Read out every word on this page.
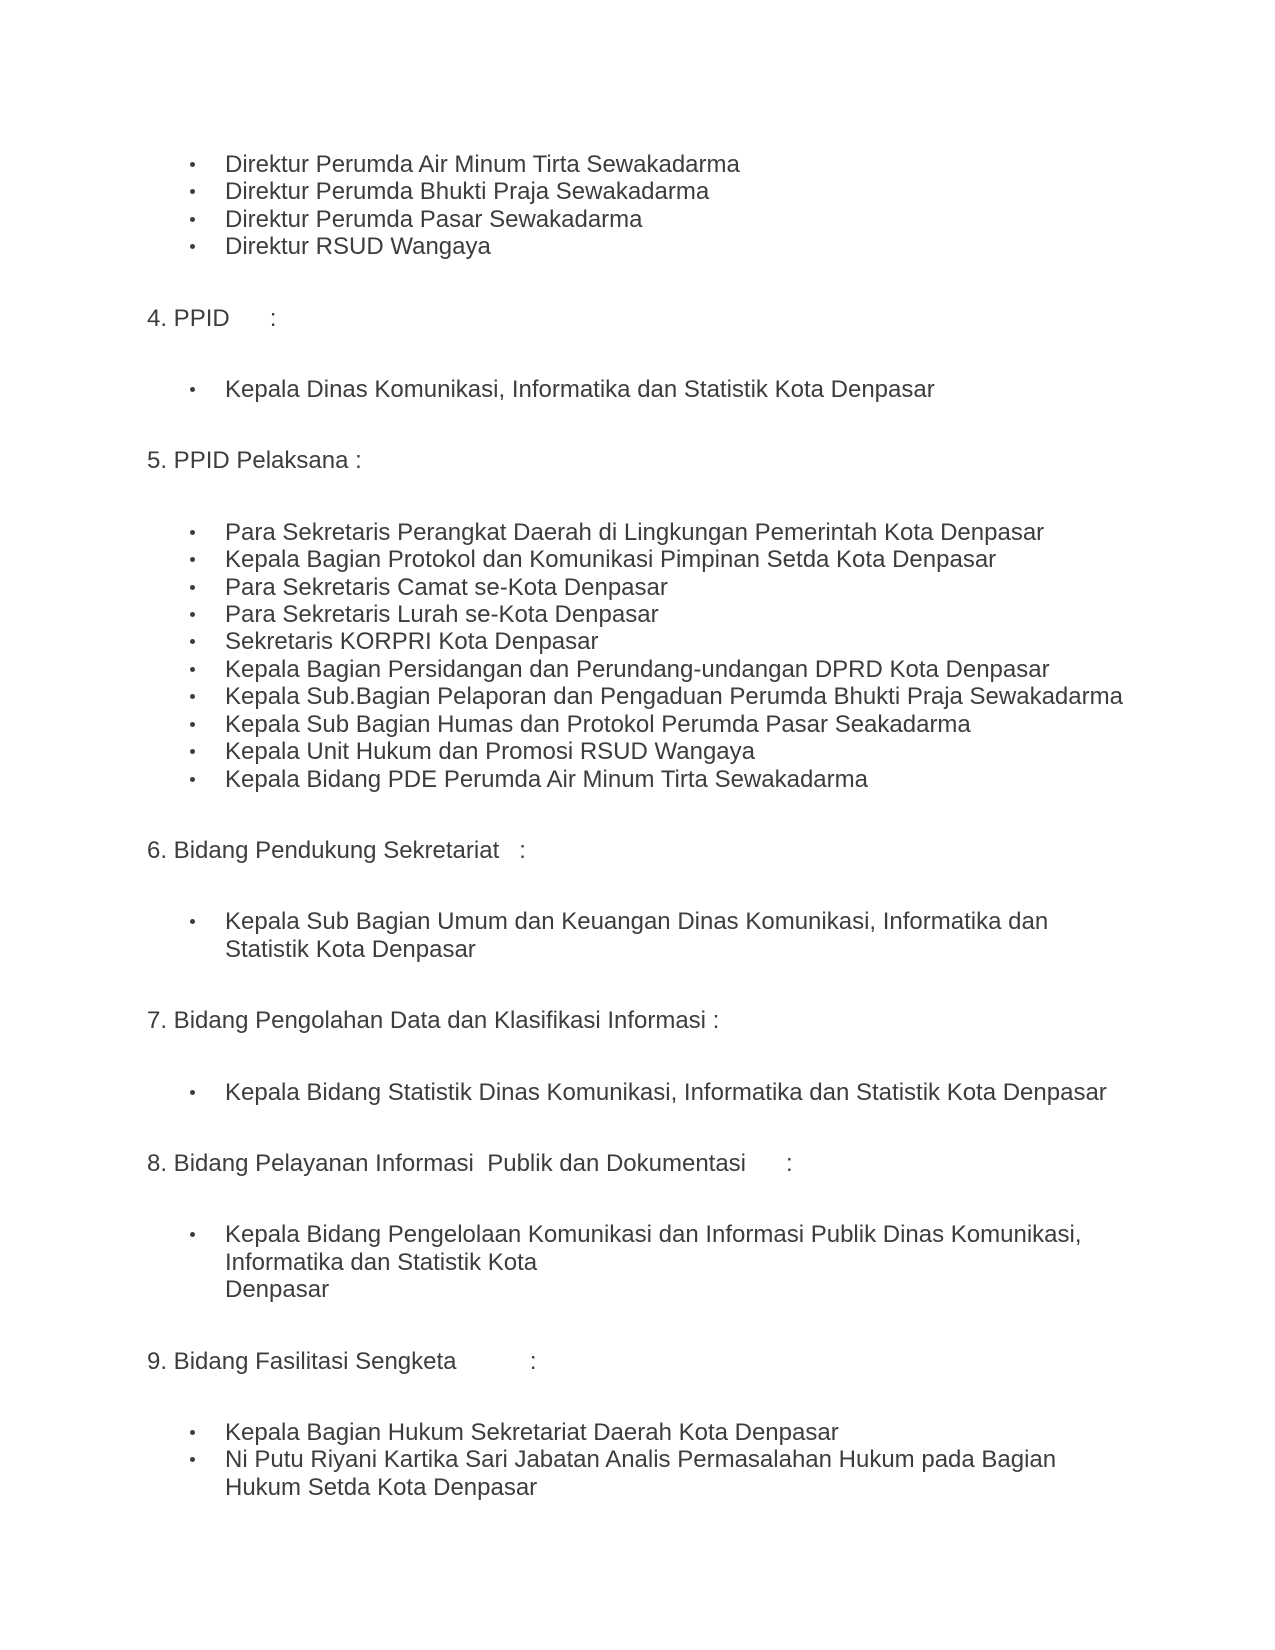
Direktur Perumda Air Minum Tirta Sewakadarma
Direktur Perumda Bhukti Praja Sewakadarma
Direktur Perumda Pasar Sewakadarma
Direktur RSUD Wangaya

4. PPID      :

Kepala Dinas Komunikasi, Informatika dan Statistik Kota Denpasar

5. PPID Pelaksana :

Para Sekretaris Perangkat Daerah di Lingkungan Pemerintah Kota Denpasar
Kepala Bagian Protokol dan Komunikasi Pimpinan Setda Kota Denpasar
Para Sekretaris Camat se-Kota Denpasar
Para Sekretaris Lurah se-Kota Denpasar
Sekretaris KORPRI Kota Denpasar
Kepala Bagian Persidangan dan Perundang-undangan DPRD Kota Denpasar
Kepala Sub.Bagian Pelaporan dan Pengaduan Perumda Bhukti Praja Sewakadarma
Kepala Sub Bagian Humas dan Protokol Perumda Pasar Seakadarma
Kepala Unit Hukum dan Promosi RSUD Wangaya
Kepala Bidang PDE Perumda Air Minum Tirta Sewakadarma

6. Bidang Pendukung Sekretariat   :

Kepala Sub Bagian Umum dan Keuangan Dinas Komunikasi, Informatika dan
Statistik Kota Denpasar

7. Bidang Pengolahan Data dan Klasifikasi Informasi :

Kepala Bidang Statistik Dinas Komunikasi, Informatika dan Statistik Kota Denpasar

8. Bidang Pelayanan Informasi  Publik dan Dokumentasi      :

Kepala Bidang Pengelolaan Komunikasi dan Informasi Publik Dinas Komunikasi,
Informatika dan Statistik Kota
Denpasar

9. Bidang Fasilitasi Sengketa           :

Kepala Bagian Hukum Sekretariat Daerah Kota Denpasar
Ni Putu Riyani Kartika Sari Jabatan Analis Permasalahan Hukum pada Bagian
Hukum Setda Kota Denpasar
